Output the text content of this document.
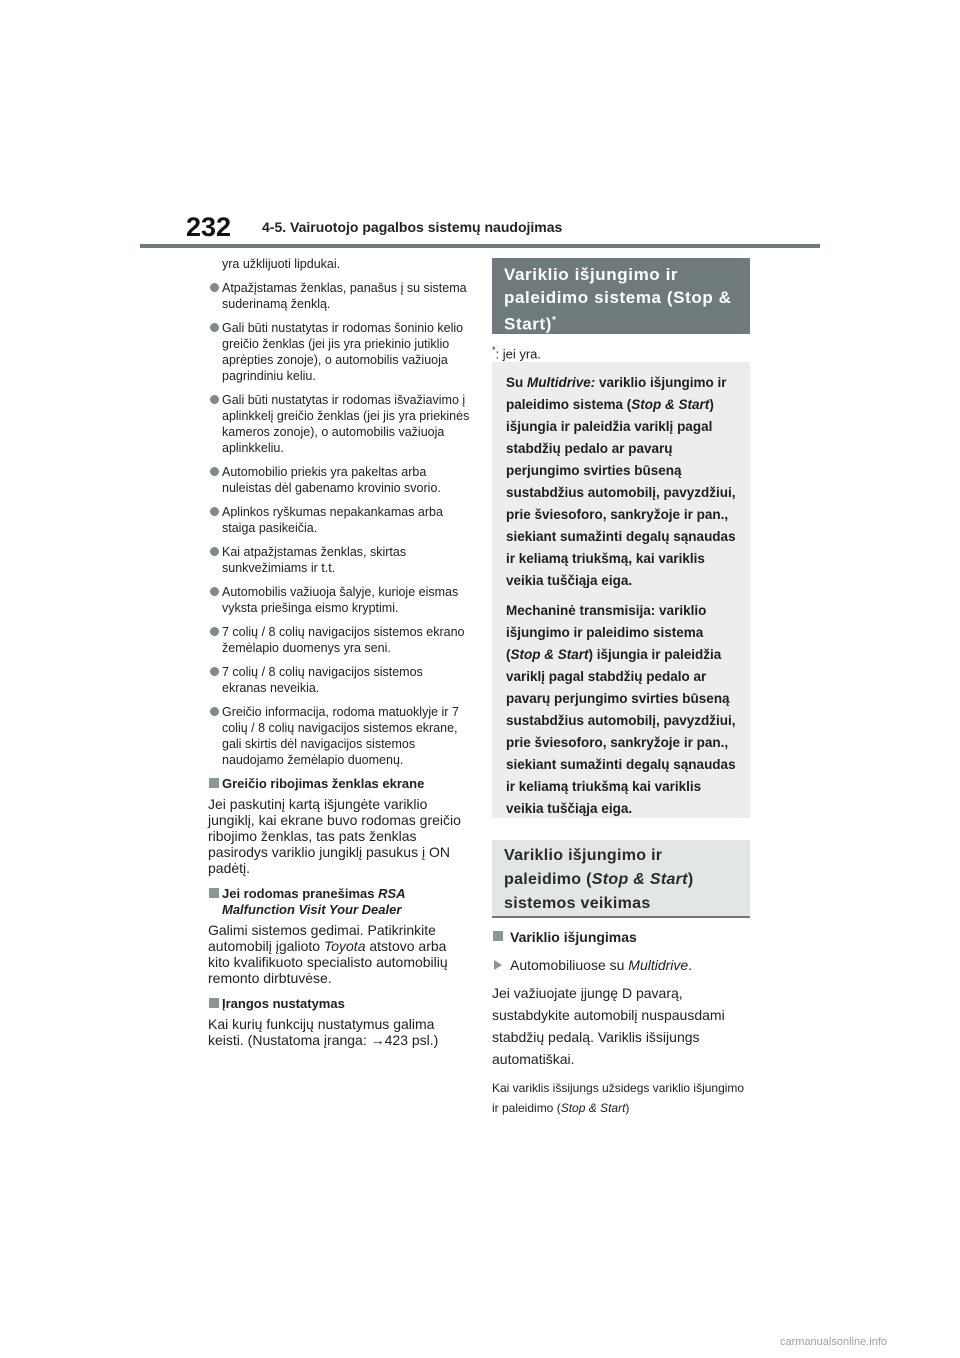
232 4-5. Vairuotojo pagalbos sistemų naudojimas
yra užklijuoti lipdukai.
Atpažįstamas ženklas, panašus į su sistema suderinamą ženklą.
Gali būti nustatytas ir rodomas šoninio kelio greičio ženklas (jei jis yra priekinio jutiklio aprėpties zonoje), o automobilis važiuoja pagrindiniu keliu.
Gali būti nustatytas ir rodomas išvažiavimo į aplinkkelį greičio ženklas (jei jis yra priekinės kameros zonoje), o automobilis važiuoja aplinkkeliu.
Automobilio priekis yra pakeltas arba nuleistas dėl gabenamo krovinio svorio.
Aplinkos ryškumas nepakankamas arba staiga pasikeičia.
Kai atpažįstamas ženklas, skirtas sunkvežimiams ir t.t.
Automobilis važiuoja šalyje, kurioje eismas vyksta priešinga eismo kryptimi.
7 colių / 8 colių navigacijos sistemos ekrano žemėlapio duomenys yra seni.
7 colių / 8 colių navigacijos sistemos ekranas neveikia.
Greičio informacija, rodoma matuoklyje ir 7 colių / 8 colių navigacijos sistemos ekrane, gali skirtis dėl navigacijos sistemos naudojamo žemėlapio duomenų.
Greičio ribojimas ženklas ekrane
Jei paskutinį kartą išjungėte variklio jungiklį, kai ekrane buvo rodomas greičio ribojimo ženklas, tas pats ženklas pasirodys variklio jungiklį pasukus į ON padėtį.
Jei rodomas pranešimas RSA Malfunction Visit Your Dealer
Galimi sistemos gedimai. Patikrinkite automobilį įgalioto Toyota atstovo arba kito kvalifikuoto specialisto automobilių remonto dirbtuvėse.
Įrangos nustatymas
Kai kurių funkcijų nustatymus galima keisti. (Nustatoma įranga: →423 psl.)
Variklio išjungimo ir paleidimo sistema (Stop & Start)*
*: jei yra.

Su Multidrive: variklio išjungimo ir paleidimo sistema (Stop & Start) išjungia ir paleidžia variklį pagal stabdžių pedalo ar pavarų perjungimo svirties būseną sustabdžius automobilį, pavyzdžiui, prie šviesoforo, sankryžoje ir pan., siekiant sumažinti degalų sąnaudas ir keliamą triukšmą, kai variklis veikia tuščiąja eiga.

Mechaninė transmisija: variklio išjungimo ir paleidimo sistema (Stop & Start) išjungia ir paleidžia variklį pagal stabdžių pedalo ar pavarų perjungimo svirties būseną sustabdžius automobilį, pavyzdžiui, prie šviesoforo, sankryžoje ir pan., siekiant sumažinti degalų sąnaudas ir keliamą triukšmą kai variklis veikia tuščiąja eiga.

Variklio išjungimo ir paleidimo (Stop & Start) sistemos veikimas
Variklio išjungimas
Automobiliuose su Multidrive.
Jei važiuojate įjungę D pavarą, sustabdykite automobilį nuspausdami stabdžių pedalą. Variklis išsijungs automatiškai.
Kai variklis išsijungs užsidegs variklio išjungimo ir paleidimo (Stop & Start)
carmanualsonline.info
